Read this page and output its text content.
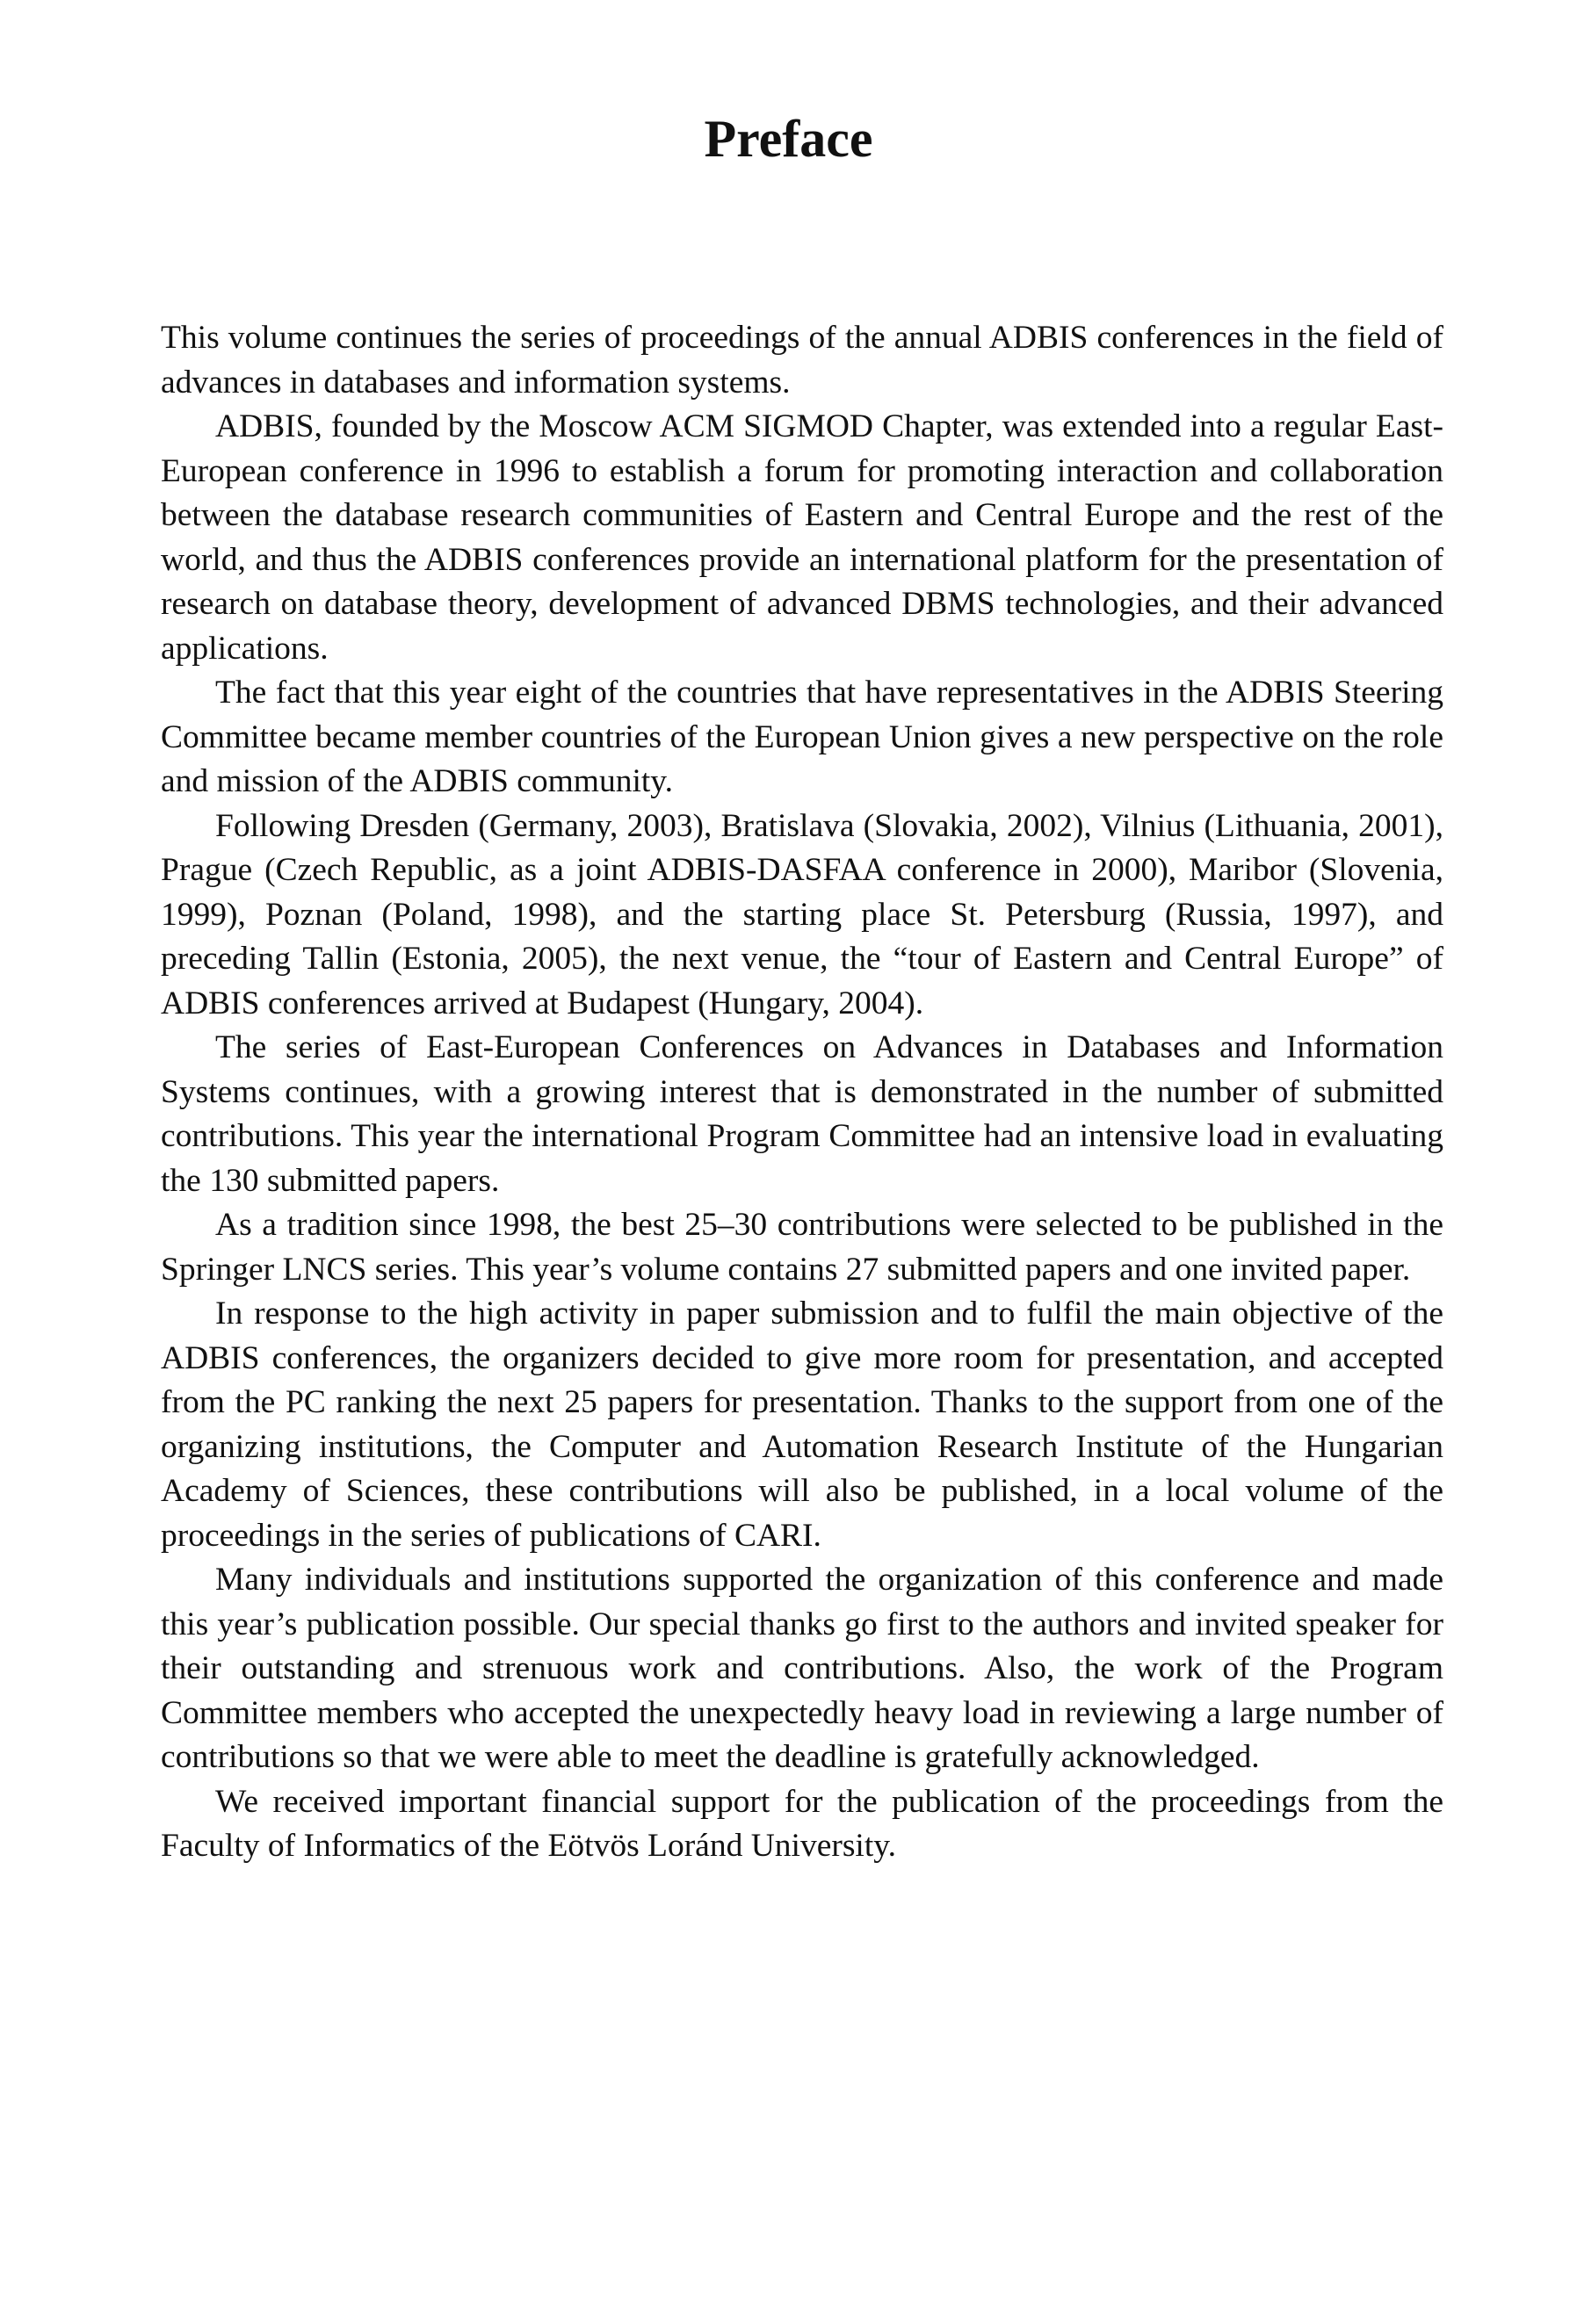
Preface

This volume continues the series of proceedings of the annual ADBIS conferences in the field of advances in databases and information systems.

ADBIS, founded by the Moscow ACM SIGMOD Chapter, was extended into a regular East-European conference in 1996 to establish a forum for promoting interaction and collaboration between the database research communities of Eastern and Central Europe and the rest of the world, and thus the ADBIS conferences provide an international platform for the presentation of research on database theory, development of advanced DBMS technologies, and their advanced applications.

The fact that this year eight of the countries that have representatives in the ADBIS Steering Committee became member countries of the European Union gives a new perspective on the role and mission of the ADBIS community.

Following Dresden (Germany, 2003), Bratislava (Slovakia, 2002), Vilnius (Lithuania, 2001), Prague (Czech Republic, as a joint ADBIS-DASFAA conference in 2000), Maribor (Slovenia, 1999), Poznan (Poland, 1998), and the starting place St. Petersburg (Russia, 1997), and preceding Tallin (Estonia, 2005), the next venue, the “tour of Eastern and Central Europe” of ADBIS conferences arrived at Budapest (Hungary, 2004).

The series of East-European Conferences on Advances in Databases and Information Systems continues, with a growing interest that is demonstrated in the number of submitted contributions. This year the international Program Committee had an intensive load in evaluating the 130 submitted papers.

As a tradition since 1998, the best 25–30 contributions were selected to be published in the Springer LNCS series. This year’s volume contains 27 submitted papers and one invited paper.

In response to the high activity in paper submission and to fulfil the main objective of the ADBIS conferences, the organizers decided to give more room for presentation, and accepted from the PC ranking the next 25 papers for presentation. Thanks to the support from one of the organizing institutions, the Computer and Automation Research Institute of the Hungarian Academy of Sciences, these contributions will also be published, in a local volume of the proceedings in the series of publications of CARI.

Many individuals and institutions supported the organization of this conference and made this year’s publication possible. Our special thanks go first to the authors and invited speaker for their outstanding and strenuous work and contributions. Also, the work of the Program Committee members who accepted the unexpectedly heavy load in reviewing a large number of contributions so that we were able to meet the deadline is gratefully acknowledged.

We received important financial support for the publication of the proceedings from the Faculty of Informatics of the Eötvös Loránd University.
